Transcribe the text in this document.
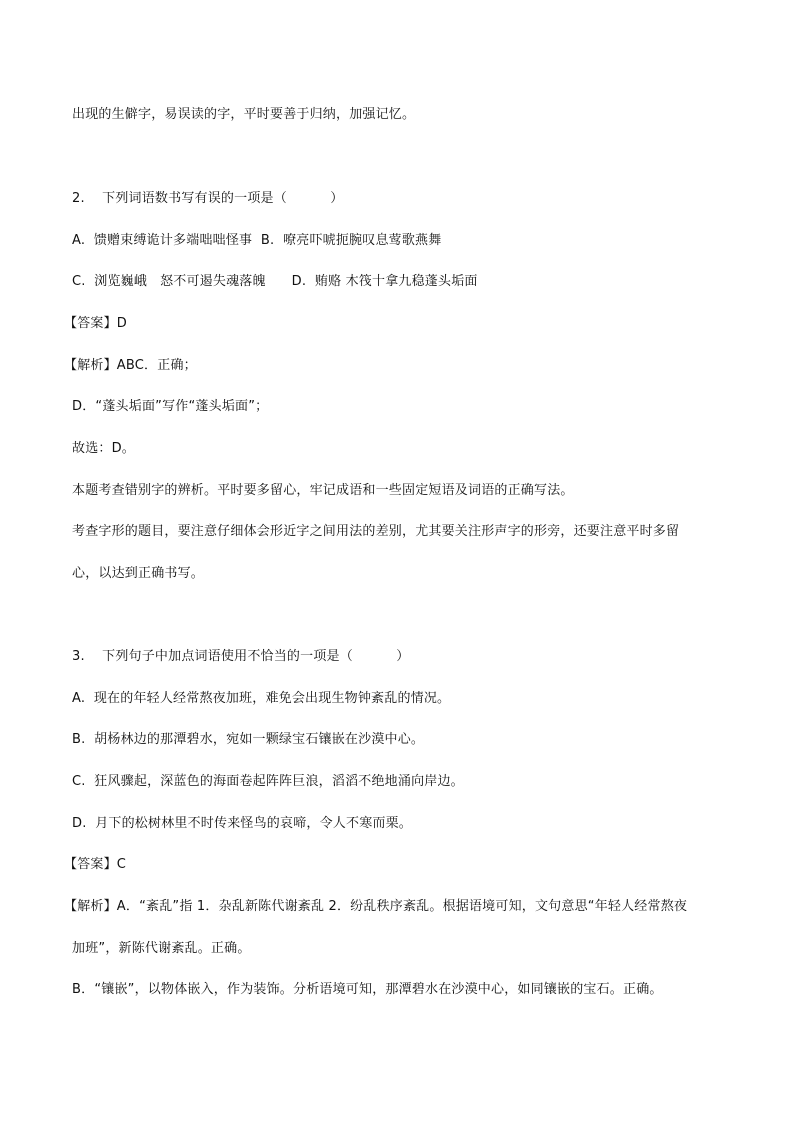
出现的生僻字，易误读的字，平时要善于归纳，加强记忆。
2.    下列词语数书写有误的一项是（          ）
A.  馈赠束缚诡计多端咄咄怪事  B.  嘹亮吓唬扼腕叹息莺歌燕舞
C.  浏览巍峨   怒不可遏失魂落魄      D.  贿赂 木筏十拿九稳蓬头垢面
【答案】D
【解析】ABC．正确；
D．“蓬头垢面”写作“蓬头垢面”；
故选：D。
本题考查错别字的辨析。平时要多留心，牢记成语和一些固定短语及词语的正确写法。
考查字形的题目，要注意仔细体会形近字之间用法的差别，尤其要关注形声字的形旁，还要注意平时多留
心，以达到正确书写。
3.    下列句子中加点词语使用不恰当的一项是（          ）
A.  现在的年轻人经常熬夜加班，难免会出现生物钟紊乱的情况。
B.  胡杨林边的那潭碧水，宛如一颗绿宝石镶嵌在沙漠中心。
C.  狂风骤起，深蓝色的海面卷起阵阵巨浪，滔滔不绝地涌向岸边。
D.  月下的松树林里不时传来怪鸟的哀啼，令人不寒而栗。
【答案】C
【解析】A．“紊乱”指 1．杂乱新陈代谢紊乱 2．纷乱秩序紊乱。根据语境可知，文句意思“年轻人经常熬夜
加班”，新陈代谢紊乱。正确。
B．“镶嵌”，以物体嵌入，作为装饰。分析语境可知，那潭碧水在沙漠中心，如同镶嵌的宝石。正确。
